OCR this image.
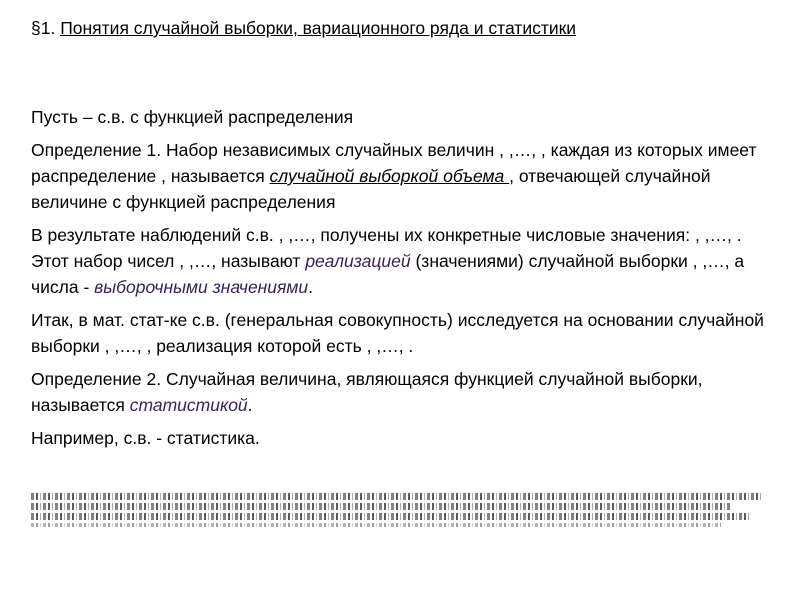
§1. Понятия случайной выборки, вариационного ряда и статистики

Пусть – с.в. с функцией распределения

Определение 1. Набор независимых случайных величин , ,…, , каждая из которых имеет распределение , называется случайной выборкой объема , отвечающей случайной величине с функцией распределения

В результате наблюдений с.в. , ,…, получены их конкретные числовые значения: , ,…, . Этот набор чисел , ,…, называют реализацией (значениями) случайной выборки , ,…, а числа - выборочными значениями.

Итак, в мат. стат-ке с.в. (генеральная совокупность) исследуется на основании случайной выборки , ,…, , реализация которой есть , ,…, .

Определение 2. Случайная величина, являющаяся функцией случайной выборки, называется статистикой.

Например, с.в. - статистика.
